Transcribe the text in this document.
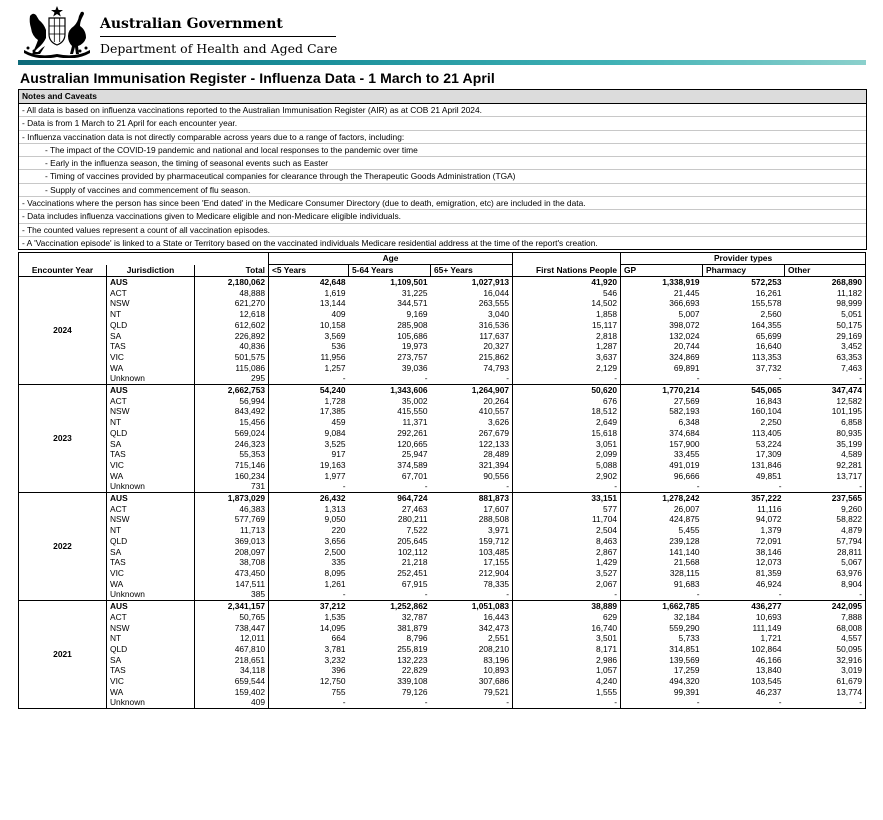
Australian Government
Department of Health and Aged Care
Australian Immunisation Register - Influenza Data - 1 March to 21 April
Notes and Caveats
- All data is based on influenza vaccinations reported to the Australian Immunisation Register (AIR) as at COB 21 April 2024.
- Data is from 1 March to 21 April for each encounter year.
- Influenza vaccination data is not directly comparable across years due to a range of factors, including:
- The impact of the COVID-19 pandemic and national and local responses to the pandemic over time
- Early in the influenza season, the timing of seasonal events such as Easter
- Timing of vaccines provided by pharmaceutical companies for clearance through the Therapeutic Goods Administration (TGA)
- Supply of vaccines and commencement of flu season.
- Vaccinations where the person has since been 'End dated' in the Medicare Consumer Directory (due to death, emigration, etc) are included in the data.
- Data includes influenza vaccinations given to Medicare eligible and non-Medicare eligible individuals.
- The counted values represent a count of all vaccination episodes.
- A 'Vaccination episode' is linked to a State or Territory based on the vaccinated individuals Medicare residential address at the time of the report's creation.
			Age				Provider types		
Encounter Year	Jurisdiction	Total	<5 Years	5-64 Years	65+ Years	First Nations People	GP	Pharmacy	Other
2024	AUS	2,180,062	42,648	1,109,501	1,027,913	41,920	1,338,919	572,253	268,890
	ACT	48,888	1,619	31,225	16,044	546	21,445	16,261	11,182
	NSW	621,270	13,144	344,571	263,555	14,502	366,693	155,578	98,999
	NT	12,618	409	9,169	3,040	1,858	5,007	2,560	5,051
	QLD	612,602	10,158	285,908	316,536	15,117	398,072	164,355	50,175
	SA	226,892	3,569	105,686	117,637	2,818	132,024	65,699	29,169
	TAS	40,836	536	19,973	20,327	1,287	20,744	16,640	3,452
	VIC	501,575	11,956	273,757	215,862	3,637	324,869	113,353	63,353
	WA	115,086	1,257	39,036	74,793	2,129	69,891	37,732	7,463
	Unknown	295	-	-	-	-	-	-	-
2023	AUS	2,662,753	54,240	1,343,606	1,264,907	50,620	1,770,214	545,065	347,474
	ACT	56,994	1,728	35,002	20,264	676	27,569	16,843	12,582
	NSW	843,492	17,385	415,550	410,557	18,512	582,193	160,104	101,195
	NT	15,456	459	11,371	3,626	2,649	6,348	2,250	6,858
	QLD	569,024	9,084	292,261	267,679	15,618	374,684	113,405	80,935
	SA	246,323	3,525	120,665	122,133	3,051	157,900	53,224	35,199
	TAS	55,353	917	25,947	28,489	2,099	33,455	17,309	4,589
	VIC	715,146	19,163	374,589	321,394	5,088	491,019	131,846	92,281
	WA	160,234	1,977	67,701	90,556	2,902	96,666	49,851	13,717
	Unknown	731	-	-	-	-	-	-	-
2022	AUS	1,873,029	26,432	964,724	881,873	33,151	1,278,242	357,222	237,565
	ACT	46,383	1,313	27,463	17,607	577	26,007	11,116	9,260
	NSW	577,769	9,050	280,211	288,508	11,704	424,875	94,072	58,822
	NT	11,713	220	7,522	3,971	2,504	5,455	1,379	4,879
	QLD	369,013	3,656	205,645	159,712	8,463	239,128	72,091	57,794
	SA	208,097	2,500	102,112	103,485	2,867	141,140	38,146	28,811
	TAS	38,708	335	21,218	17,155	1,429	21,568	12,073	5,067
	VIC	473,450	8,095	252,451	212,904	3,527	328,115	81,359	63,976
	WA	147,511	1,261	67,915	78,335	2,067	91,683	46,924	8,904
	Unknown	385	-	-	-	-	-	-	-
2021	AUS	2,341,157	37,212	1,252,862	1,051,083	38,889	1,662,785	436,277	242,095
	ACT	50,765	1,535	32,787	16,443	629	32,184	10,693	7,888
	NSW	738,447	14,095	381,879	342,473	16,740	559,290	111,149	68,008
	NT	12,011	664	8,796	2,551	3,501	5,733	1,721	4,557
	QLD	467,810	3,781	255,819	208,210	8,171	314,851	102,864	50,095
	SA	218,651	3,232	132,223	83,196	2,986	139,569	46,166	32,916
	TAS	34,118	396	22,829	10,893	1,057	17,259	13,840	3,019
	VIC	659,544	12,750	339,108	307,686	4,240	494,320	103,545	61,679
	WA	159,402	755	79,126	79,521	1,555	99,391	46,237	13,774
	Unknown	409	-	-	-	-	-	-	-
